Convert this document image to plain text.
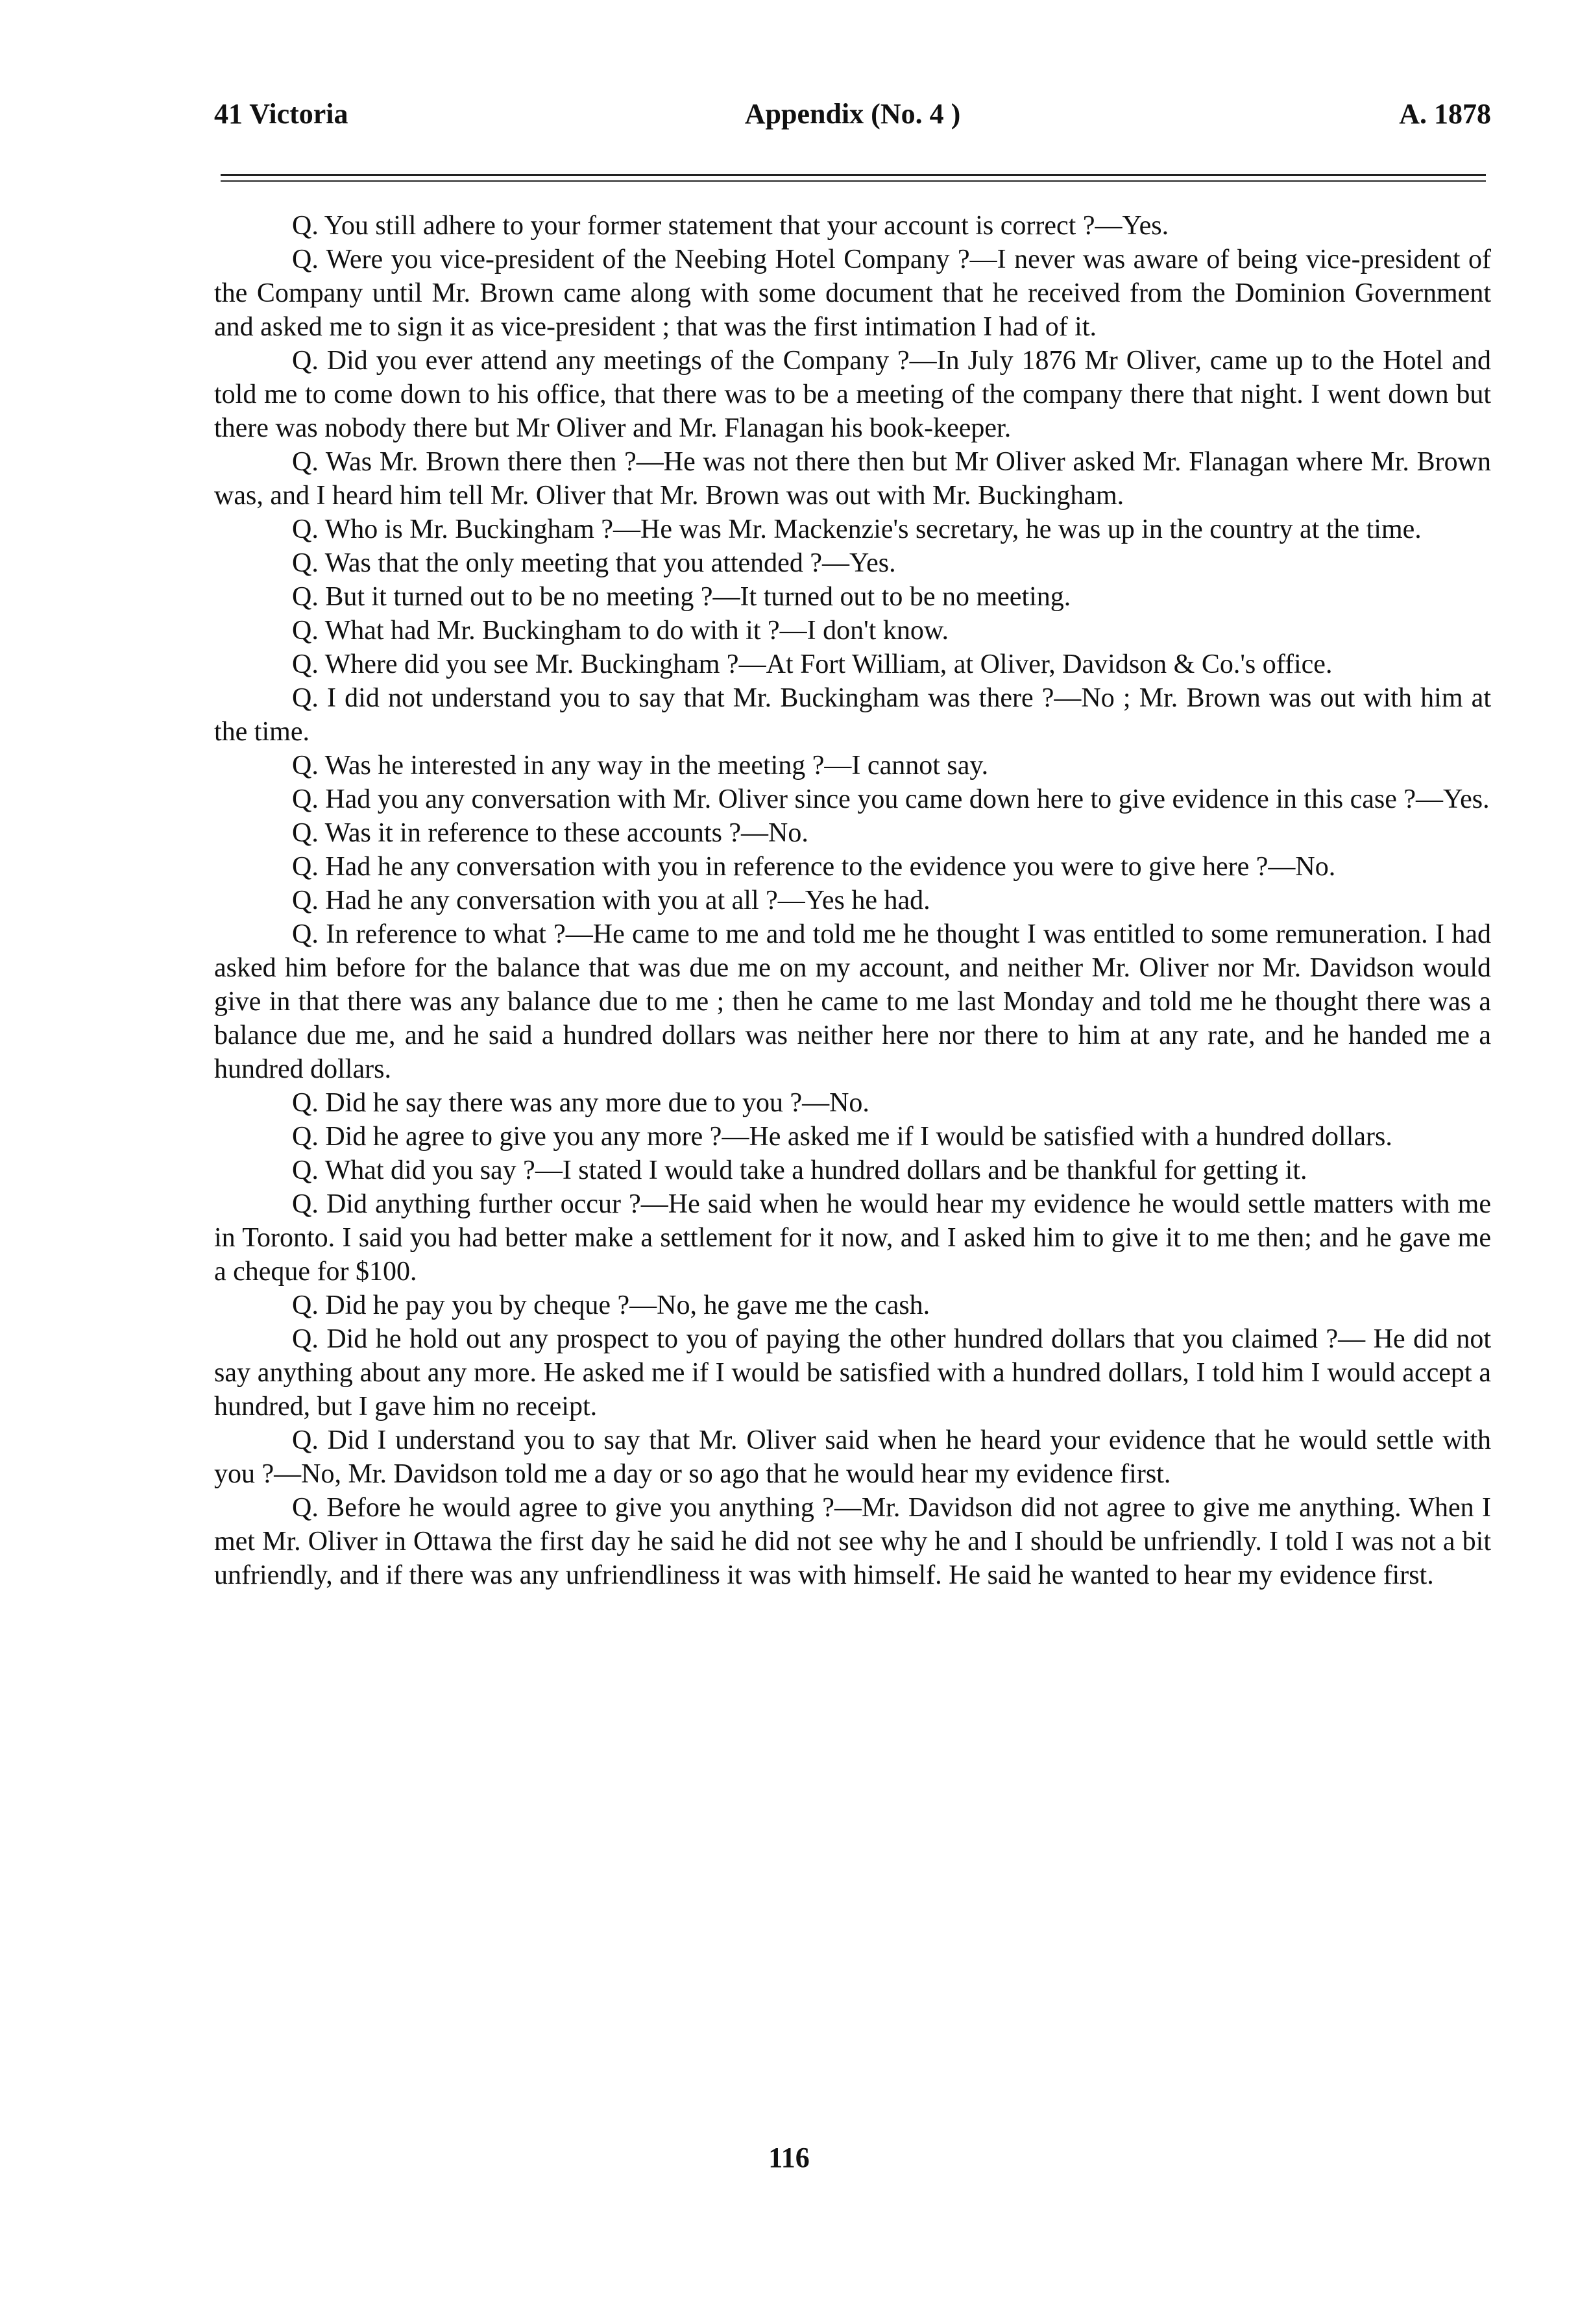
41 Victoria	Appendix (No. 4 )	A. 1878

Q. You still adhere to your former statement that your account is correct ?—Yes.

Q. Were you vice-president of the Neebing Hotel Company ?—I never was aware of being vice-president of the Company until Mr. Brown came along with some document that he received from the Dominion Government and asked me to sign it as vice-president ; that was the first intimation I had of it.

Q. Did you ever attend any meetings of the Company ?—In July 1876 Mr Oliver, came up to the Hotel and told me to come down to his office, that there was to be a meeting of the company there that night. I went down but there was nobody there but Mr Oliver and Mr. Flanagan his book-keeper.

Q. Was Mr. Brown there then ?—He was not there then but Mr Oliver asked Mr. Flanagan where Mr. Brown was, and I heard him tell Mr. Oliver that Mr. Brown was out with Mr. Buckingham.

Q. Who is Mr. Buckingham ?—He was Mr. Mackenzie's secretary, he was up in the country at the time.

Q. Was that the only meeting that you attended ?—Yes.

Q. But it turned out to be no meeting ?—It turned out to be no meeting.

Q. What had Mr. Buckingham to do with it ?—I don't know.

Q. Where did you see Mr. Buckingham ?—At Fort William, at Oliver, Davidson & Co.'s office.

Q. I did not understand you to say that Mr. Buckingham was there ?—No ; Mr. Brown was out with him at the time.

Q. Was he interested in any way in the meeting ?—I cannot say.

Q. Had you any conversation with Mr. Oliver since you came down here to give evidence in this case ?—Yes.

Q. Was it in reference to these accounts ?—No.

Q. Had he any conversation with you in reference to the evidence you were to give here ?—No.

Q. Had he any conversation with you at all ?—Yes he had.

Q. In reference to what ?—He came to me and told me he thought I was entitled to some remuneration. I had asked him before for the balance that was due me on my account, and neither Mr. Oliver nor Mr. Davidson would give in that there was any balance due to me ; then he came to me last Monday and told me he thought there was a balance due me, and he said a hundred dollars was neither here nor there to him at any rate, and he handed me a hundred dollars.

Q. Did he say there was any more due to you ?—No.

Q. Did he agree to give you any more ?—He asked me if I would be satisfied with a hundred dollars.

Q. What did you say ?—I stated I would take a hundred dollars and be thankful for getting it.

Q. Did anything further occur ?—He said when he would hear my evidence he would settle matters with me in Toronto. I said you had better make a settlement for it now, and I asked him to give it to me then; and he gave me a cheque for $100.

Q. Did he pay you by cheque ?—No, he gave me the cash.

Q. Did he hold out any prospect to you of paying the other hundred dollars that you claimed ?— He did not say anything about any more. He asked me if I would be satisfied with a hundred dollars, I told him I would accept a hundred, but I gave him no receipt.

Q. Did I understand you to say that Mr. Oliver said when he heard your evidence that he would settle with you ?—No, Mr. Davidson told me a day or so ago that he would hear my evidence first.

Q. Before he would agree to give you anything ?—Mr. Davidson did not agree to give me anything. When I met Mr. Oliver in Ottawa the first day he said he did not see why he and I should be unfriendly. I told I was not a bit unfriendly, and if there was any unfriendliness it was with himself. He said he wanted to hear my evidence first.

116
